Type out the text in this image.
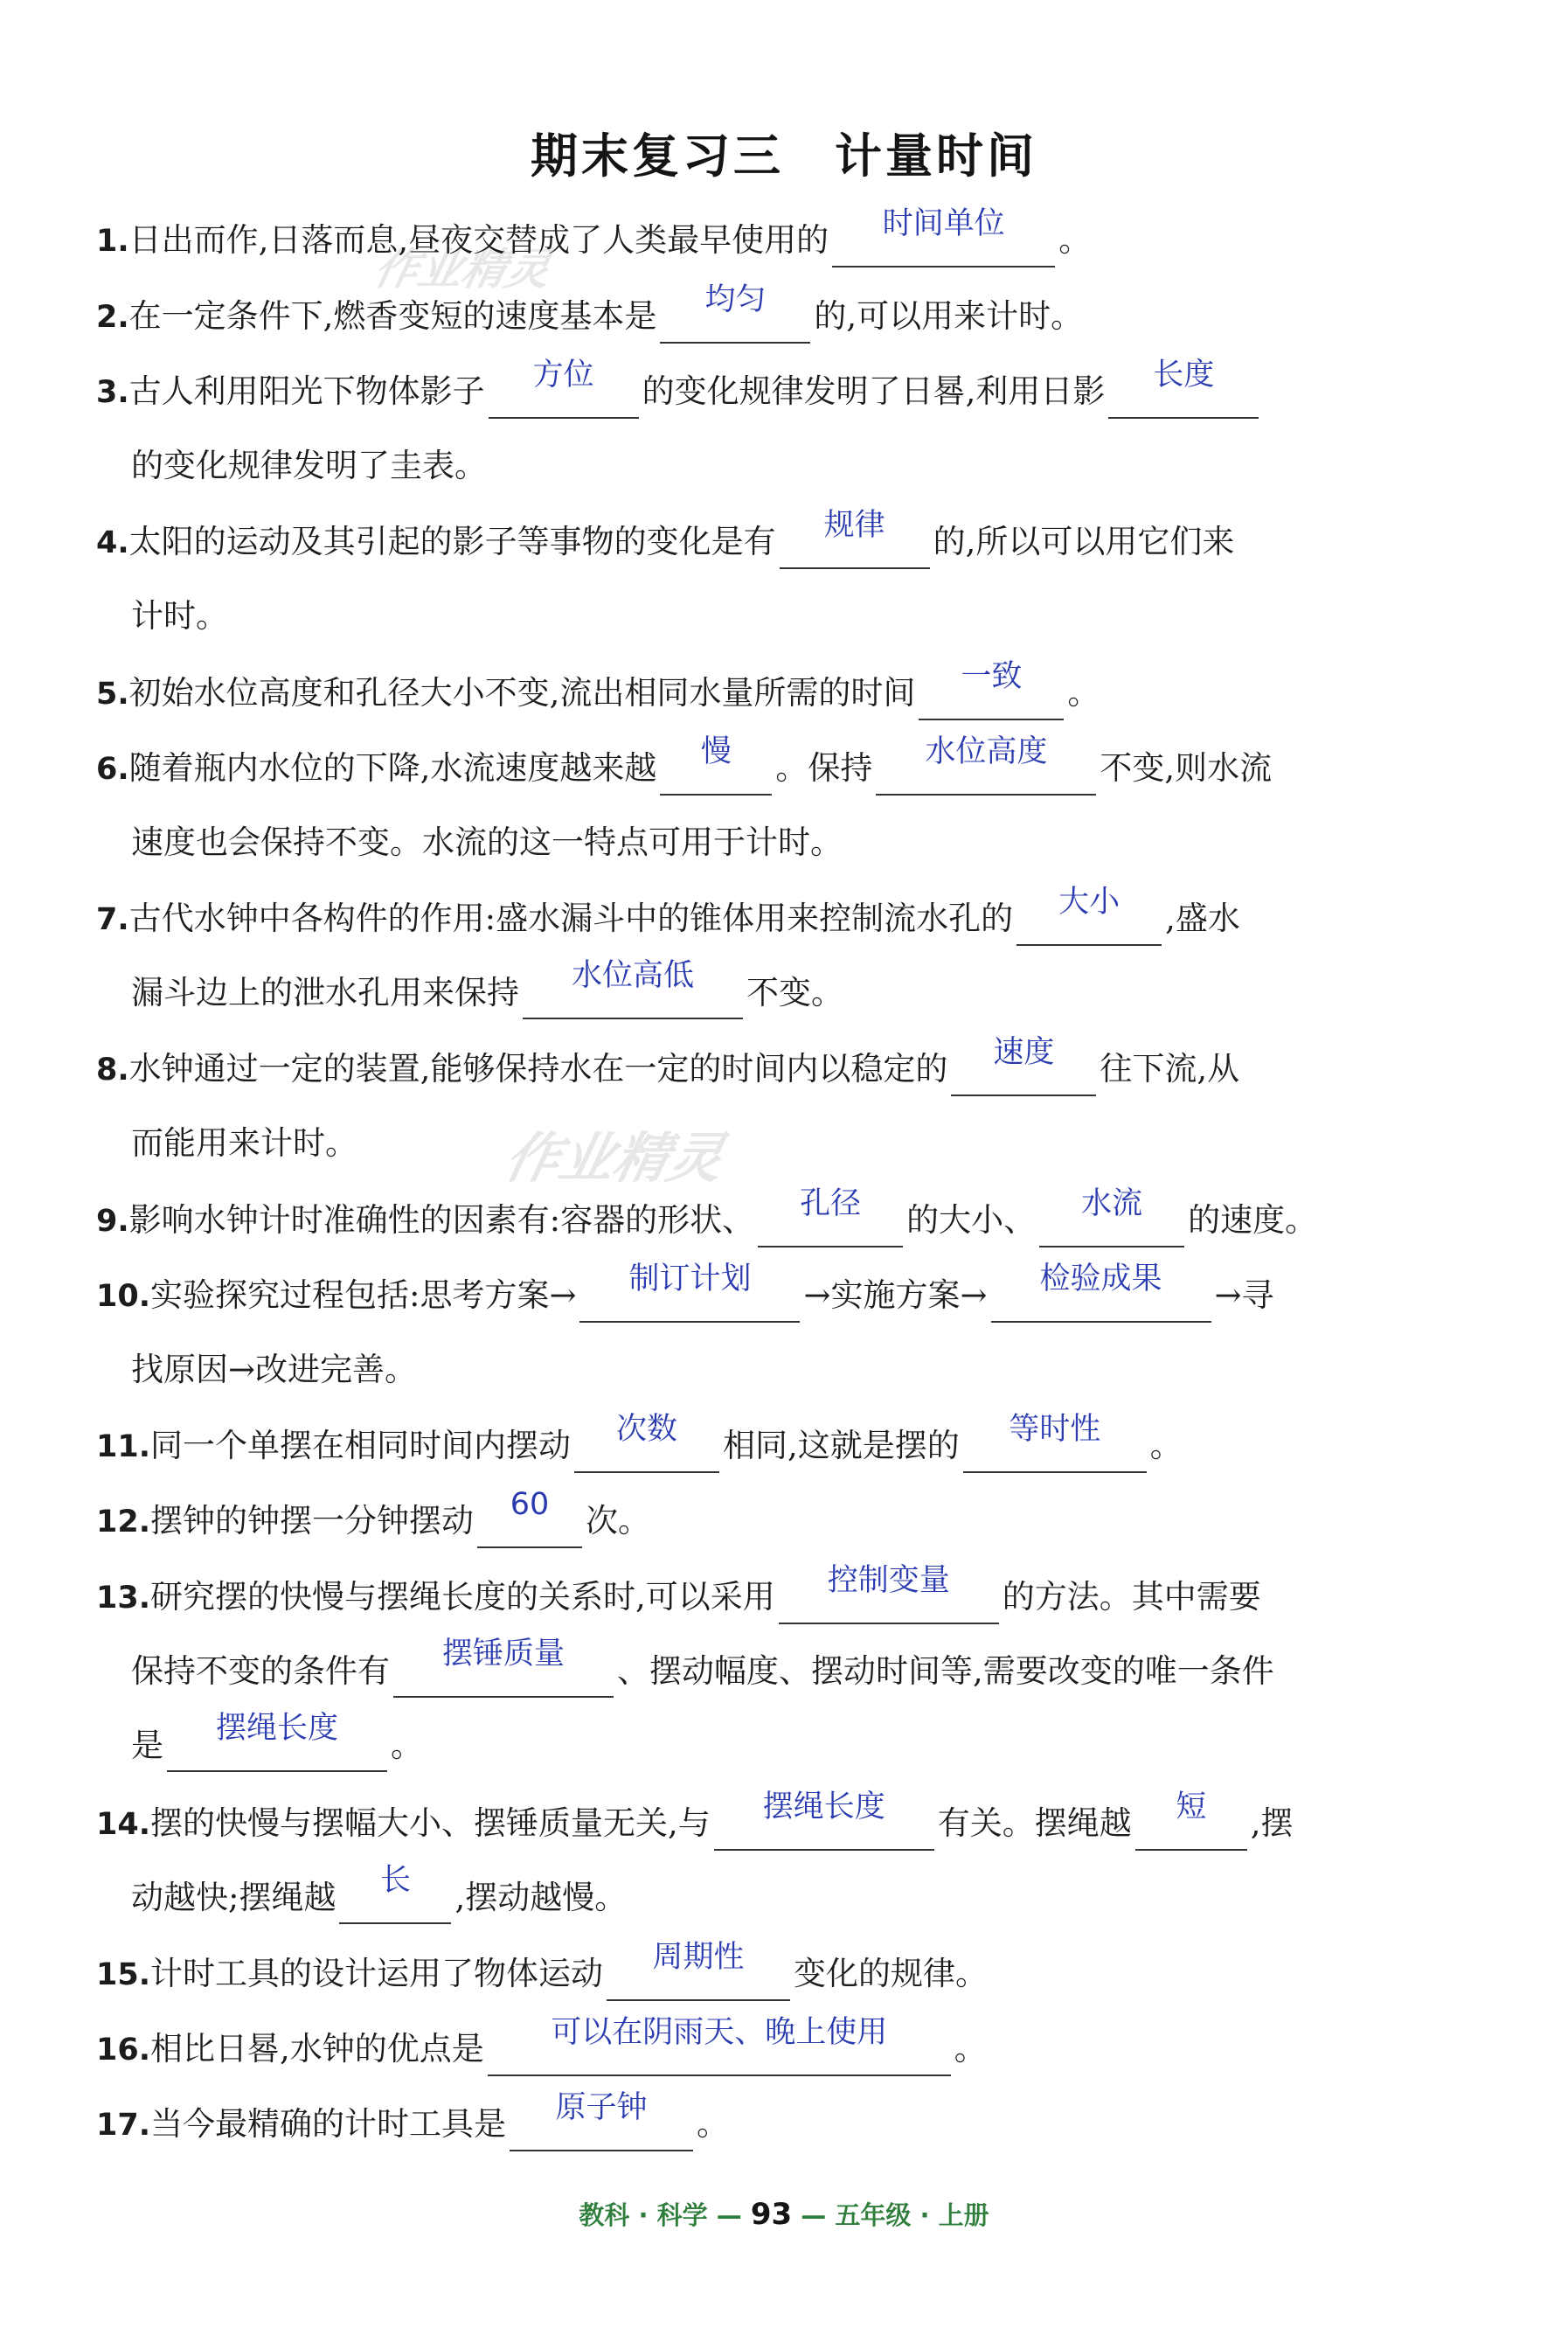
期末复习三　计量时间
作业精灵
作业精灵
1.日出而作,日落而息,昼夜交替成了人类最早使用的	时间单位	。
2.在一定条件下,燃香变短的速度基本是	均匀	的,可以用来计时。
3.古人利用阳光下物体影子	方位	的变化规律发明了日晷,利用日影	长度
的变化规律发明了圭表。
4.太阳的运动及其引起的影子等事物的变化是有	规律	的,所以可以用它们来
计时。
5.初始水位高度和孔径大小不变,流出相同水量所需的时间	一致	。
6.随着瓶内水位的下降,水流速度越来越	慢	。保持	水位高度	不变,则水流
速度也会保持不变。水流的这一特点可用于计时。
7.古代水钟中各构件的作用:盛水漏斗中的锥体用来控制流水孔的	大小	,盛水
漏斗边上的泄水孔用来保持	水位高低	不变。
8.水钟通过一定的装置,能够保持水在一定的时间内以稳定的	速度	往下流,从
而能用来计时。
9.影响水钟计时准确性的因素有:容器的形状、	孔径	的大小、	水流	的速度。
10.实验探究过程包括:思考方案→	制订计划	→实施方案→	检验成果	→寻
找原因→改进完善。
11.同一个单摆在相同时间内摆动	次数	相同,这就是摆的	等时性	。
12.摆钟的钟摆一分钟摆动	60	次。
13.研究摆的快慢与摆绳长度的关系时,可以采用	控制变量	的方法。其中需要
保持不变的条件有	摆锤质量	、摆动幅度、摆动时间等,需要改变的唯一条件
是	摆绳长度	。
14.摆的快慢与摆幅大小、摆锤质量无关,与	摆绳长度	有关。摆绳越	短	,摆
动越快;摆绳越	长	,摆动越慢。
15.计时工具的设计运用了物体运动	周期性	变化的规律。
16.相比日晷,水钟的优点是	可以在阴雨天、晚上使用	。
17.当今最精确的计时工具是	原子钟	。
教科 · 科学 — 93 — 五年级 · 上册
